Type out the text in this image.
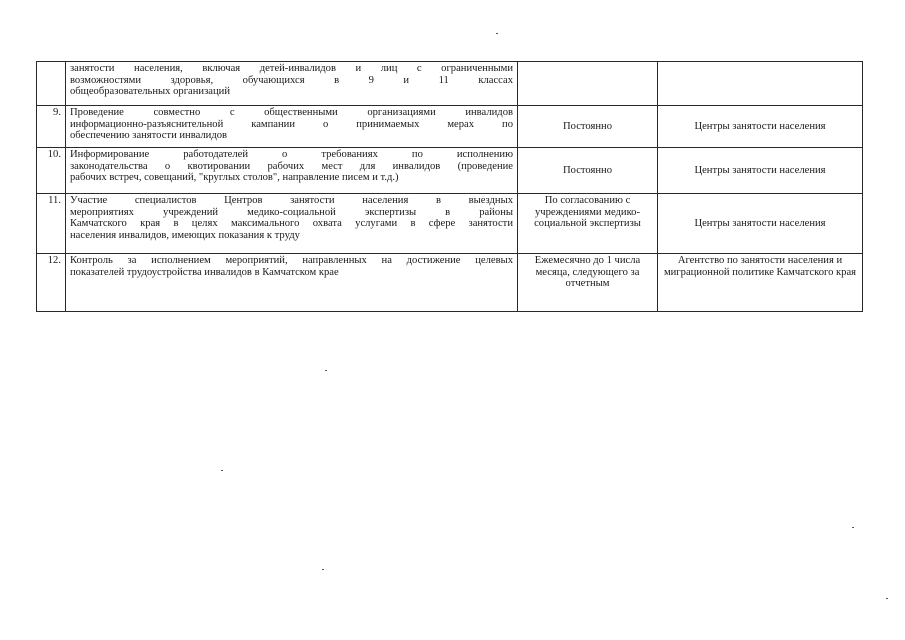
	занятости населения, включая детей-инвалидов и лиц с ограниченными
возможностями здоровья, обучающихся в 9 и 11 классах
общеобразовательных организаций		

9.	Проведение совместно с общественными организациями инвалидов
информационно-разъяснительной кампании о принимаемых мерах по
обеспечению занятости инвалидов	Постоянно	Центры занятости населения
10.	Информирование работодателей о требованиях по исполнению
законодательства о квотировании рабочих мест для инвалидов (проведение
рабочих встреч, совещаний, "круглых столов", направление писем и т.д.)	Постоянно	Центры занятости населения
11.	Участие специалистов Центров занятости населения в выездных
мероприятиях учреждений медико-социальной экспертизы в районы
Камчатского края в целях максимального охвата услугами в сфере занятости
населения инвалидов, имеющих показания к труду	По согласованию с учреждениями медико-социальной экспертизы	Центры занятости населения
12.	Контроль за исполнением мероприятий, направленных на достижение целевых
показателей трудоустройства инвалидов в Камчатском крае	Ежемесячно до 1 числа месяца, следующего за отчетным	Агентство по занятости населения и миграционной политике Камчатского края
